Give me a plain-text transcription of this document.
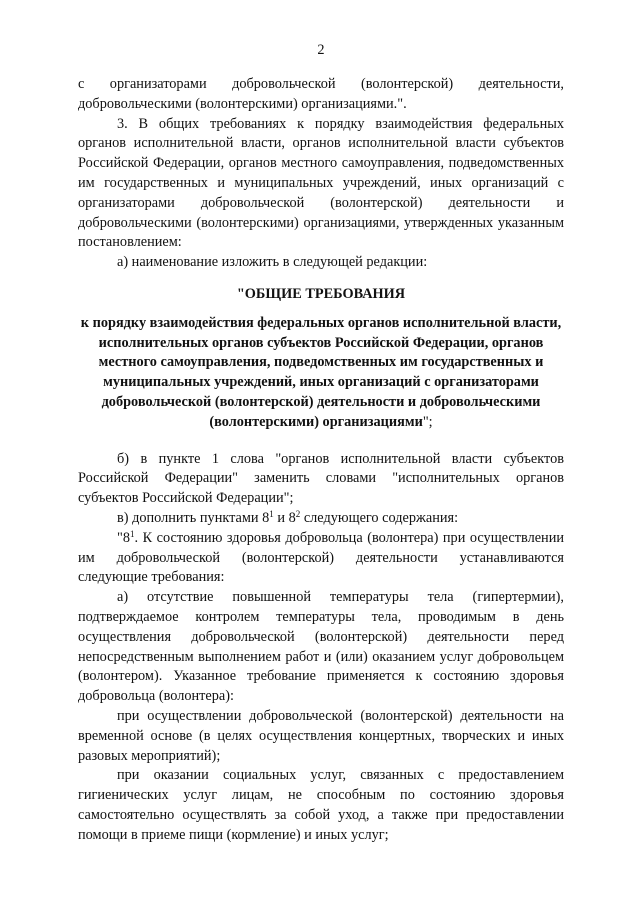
2

с организаторами добровольческой (волонтерской) деятельности, добровольческими (волонтерскими) организациями.".

3. В общих требованиях к порядку взаимодействия федеральных органов исполнительной власти, органов исполнительной власти субъектов Российской Федерации, органов местного самоуправления, подведомственных им государственных и муниципальных учреждений, иных организаций с организаторами добровольческой (волонтерской) деятельности и добровольческими (волонтерскими) организациями, утвержденных указанным постановлением:

а) наименование изложить в следующей редакции:

"ОБЩИЕ ТРЕБОВАНИЯ

к порядку взаимодействия федеральных органов исполнительной власти, исполнительных органов субъектов Российской Федерации, органов местного самоуправления, подведомственных им государственных и муниципальных учреждений, иных организаций с организаторами добровольческой (волонтерской) деятельности и добровольческими (волонтерскими) организациями";

б) в пункте 1 слова "органов исполнительной власти субъектов Российской Федерации" заменить словами "исполнительных органов субъектов Российской Федерации";

в) дополнить пунктами $8^1$ и $8^2$ следующего содержания:

"$8^1$. К состоянию здоровья добровольца (волонтера) при осуществлении им добровольческой (волонтерской) деятельности устанавливаются следующие требования:

а) отсутствие повышенной температуры тела (гипертермии), подтверждаемое контролем температуры тела, проводимым в день осуществления добровольческой (волонтерской) деятельности перед непосредственным выполнением работ и (или) оказанием услуг добровольцем (волонтером). Указанное требование применяется к состоянию здоровья добровольца (волонтера):

при осуществлении добровольческой (волонтерской) деятельности на временной основе (в целях осуществления концертных, творческих и иных разовых мероприятий);

при оказании социальных услуг, связанных с предоставлением гигиенических услуг лицам, не способным по состоянию здоровья самостоятельно осуществлять за собой уход, а также при предоставлении помощи в приеме пищи (кормление) и иных услуг;
